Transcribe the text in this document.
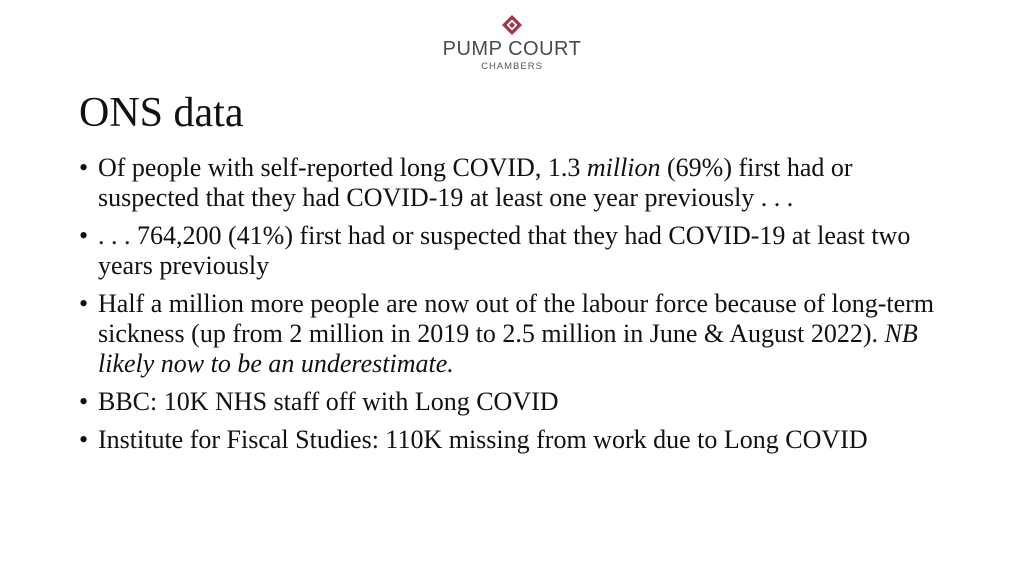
PUMP COURT
CHAMBERS
ONS data
• Of people with self-reported long COVID, 1.3 million (69%) first had or suspected that they had COVID-19 at least one year previously . . .
• . . . 764,200 (41%) first had or suspected that they had COVID-19 at least two years previously
• Half a million more people are now out of the labour force because of long-term sickness (up from 2 million in 2019 to 2.5 million in June & August 2022). NB likely now to be an underestimate.
• BBC: 10K NHS staff off with Long COVID
• Institute for Fiscal Studies: 110K missing from work due to Long COVID
